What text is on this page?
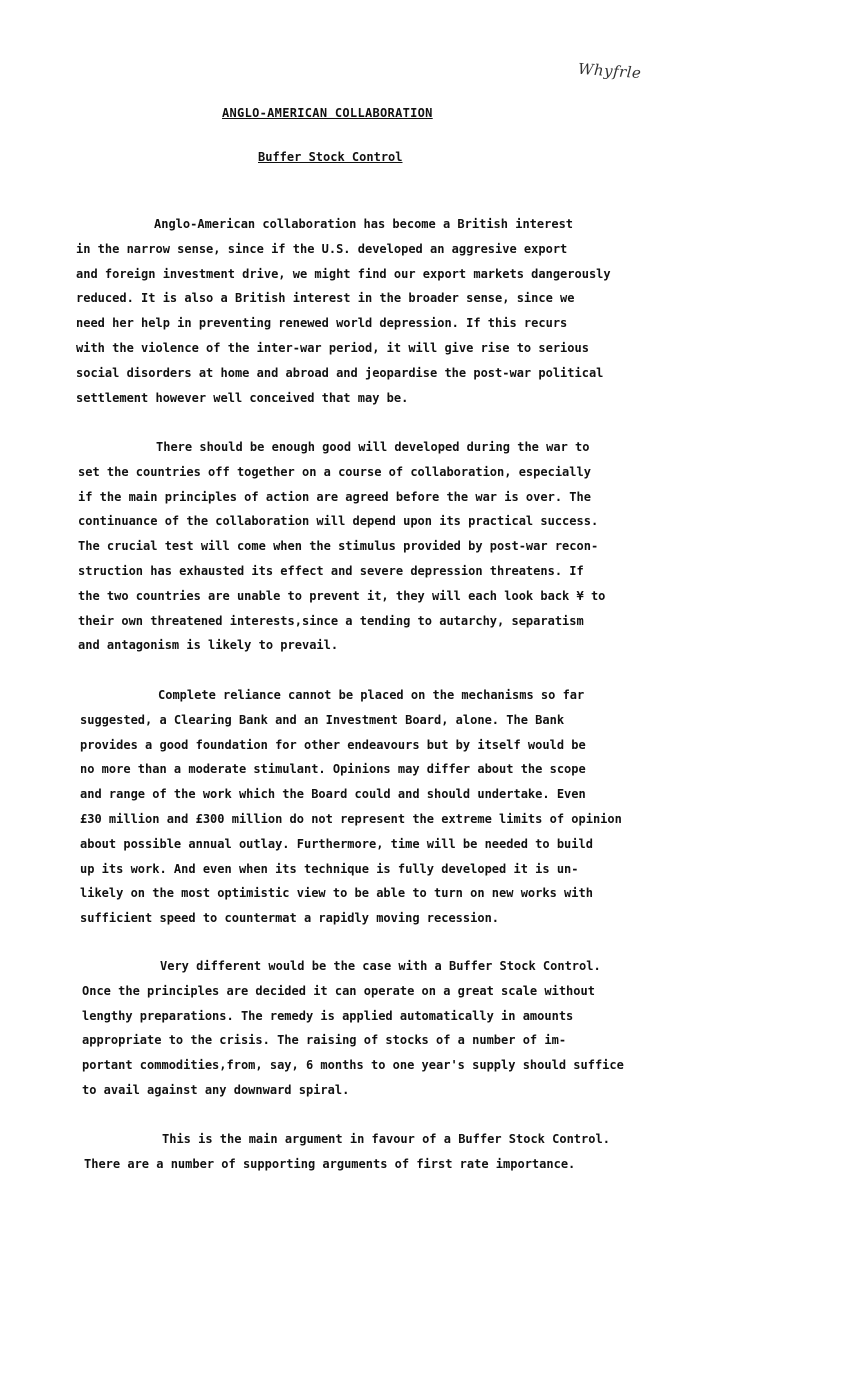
Whyfrle
ANGLO-AMERICAN COLLABORATION
Buffer Stock Control
Anglo-American collaboration has become a British interest
in the narrow sense, since if the U.S. developed an aggresive export
and foreign investment drive, we might find our export markets dangerously
reduced. It is also a British interest in the broader sense, since we
need her help in preventing renewed world depression. If this recurs
with the violence of the inter-war period, it will give rise to serious
social disorders at home and abroad and jeopardise the post-war political
settlement however well conceived that may be.
There should be enough good will developed during the war to
set the countries off together on a course of collaboration, especially
if the main principles of action are agreed before the war is over. The
continuance of the collaboration will depend upon its practical success.
The crucial test will come when the stimulus provided by post-war recon-
struction has exhausted its effect and severe depression threatens. If
the two countries are unable to prevent it, they will each look back ¥ to
their own threatened interests,since a tending to autarchy, separatism
and antagonism is likely to prevail.
Complete reliance cannot be placed on the mechanisms so far
suggested, a Clearing Bank and an Investment Board, alone. The Bank
provides a good foundation for other endeavours but by itself would be
no more than a moderate stimulant. Opinions may differ about the scope
and range of the work which the Board could and should undertake. Even
£30 million and £300 million do not represent the extreme limits of opinion
about possible annual outlay. Furthermore, time will be needed to build
up its work. And even when its technique is fully developed it is un-
likely on the most optimistic view to be able to turn on new works with
sufficient speed to countermat a rapidly moving recession.
Very different would be the case with a Buffer Stock Control.
Once the principles are decided it can operate on a great scale without
lengthy preparations. The remedy is applied automatically in amounts
appropriate to the crisis. The raising of stocks of a number of im-
portant commodities,from, say, 6 months to one year's supply should suffice
to avail against any downward spiral.
This is the main argument in favour of a Buffer Stock Control.
There are a number of supporting arguments of first rate importance.
